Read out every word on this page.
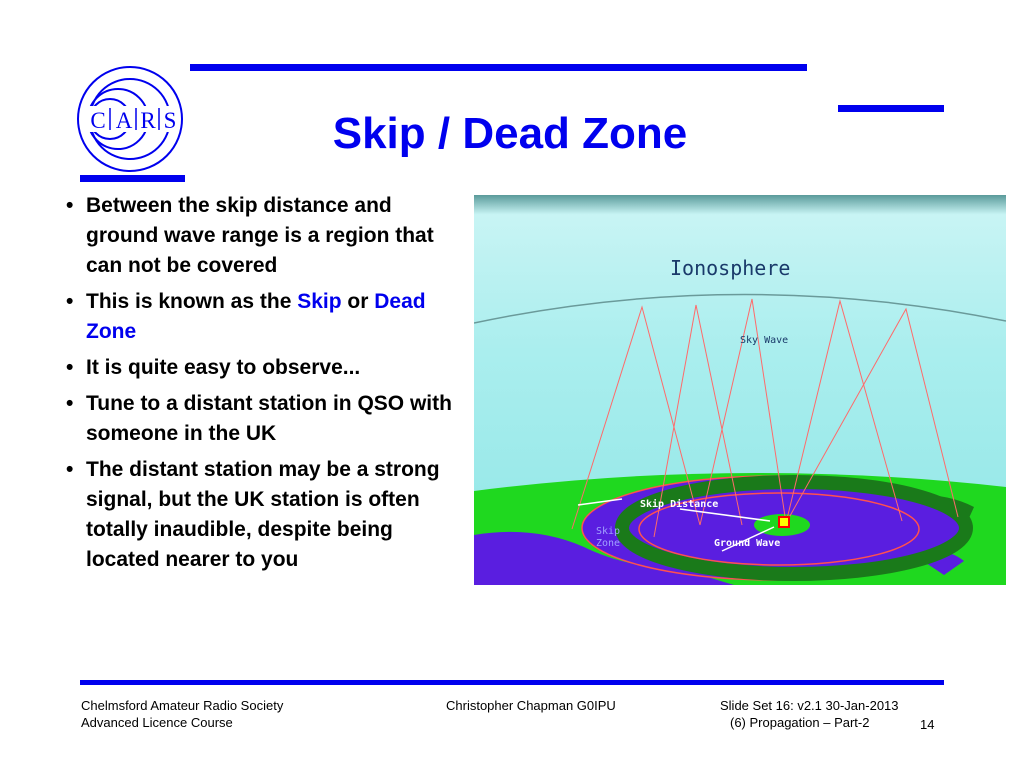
C A R S	Skip / Dead Zone
• Between the skip distance and ground wave range is a region that can not be covered
• This is known as the Skip or Dead Zone
• It is quite easy to observe...
• Tune to a distant station in QSO with someone in the UK
• The distant station may be a strong signal, but the UK station is often totally inaudible, despite being located nearer to you
Ionosphere
Sky Wave
Skip Distance
Ground Wave
Skip
Zone
Chelmsford Amateur Radio Society
Advanced Licence Course
Christopher Chapman G0IPU	Slide Set 16: v2.1 30-Jan-2013
(6) Propagation – Part-2	14
